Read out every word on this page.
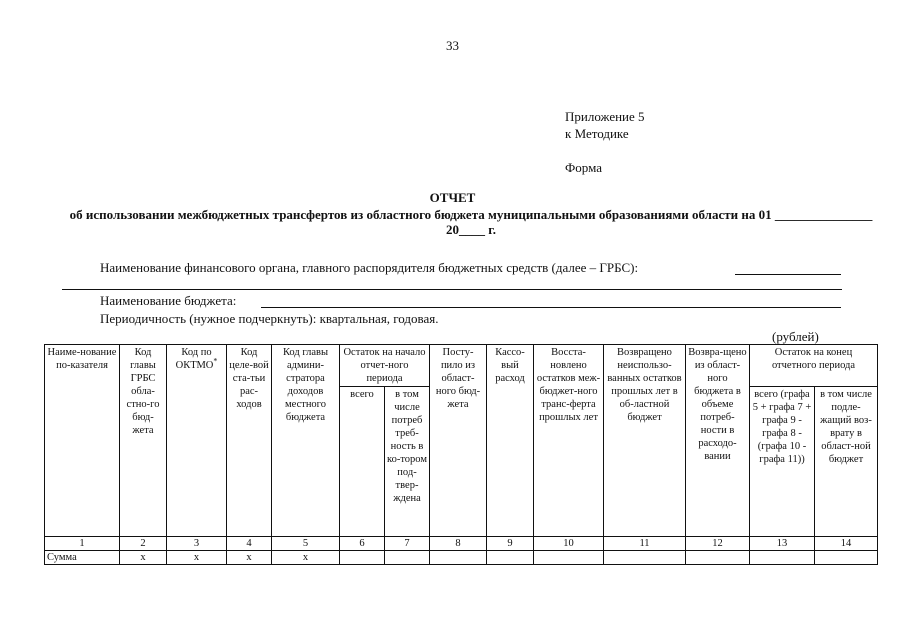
33
Приложение 5
к Методике
Форма
ОТЧЕТ
об использовании межбюджетных трансфертов из областного бюджета муниципальными образованиями области на 01 _______________ 20____ г.
Наименование финансового органа, главного распорядителя бюджетных средств (далее – ГРБС):
Наименование бюджета:
Периодичность (нужное подчеркнуть): квартальная, годовая.
(рублей)
Наиме-нование по-казателя	Код главы ГРБС обла-стно-го бюд-жета	Код по ОКТМО*	Код целе-вой ста-тьи рас-ходов	Код главы админи-стратора доходов местного бюджета	Остаток на начало отчет-ного периода		Посту-пило из област-ного бюд-жета	Кассо-вый расход	Восста-новлено остатков меж-бюджет-ного транс-ферта прошлых лет	Возвращено неиспользо-ванных остатков прошлых лет в об-ластной бюджет	Возвра-щено из област-ного бюджета в объеме потреб-ности в расходо-вании	Остаток на конец отчетного периода	
					всего	в том числе потреб треб-ность в ко-тором под-твер-ждена						всего (графа 5 + графа 7 + графа 9 - графа 8 - (графа 10 - графа 11))	в том числе подле-жащий воз-врату в област-ной бюджет
1	2	3	4	5	6	7	8	9	10	11	12	13	14
Сумма	х	х	х	х									
